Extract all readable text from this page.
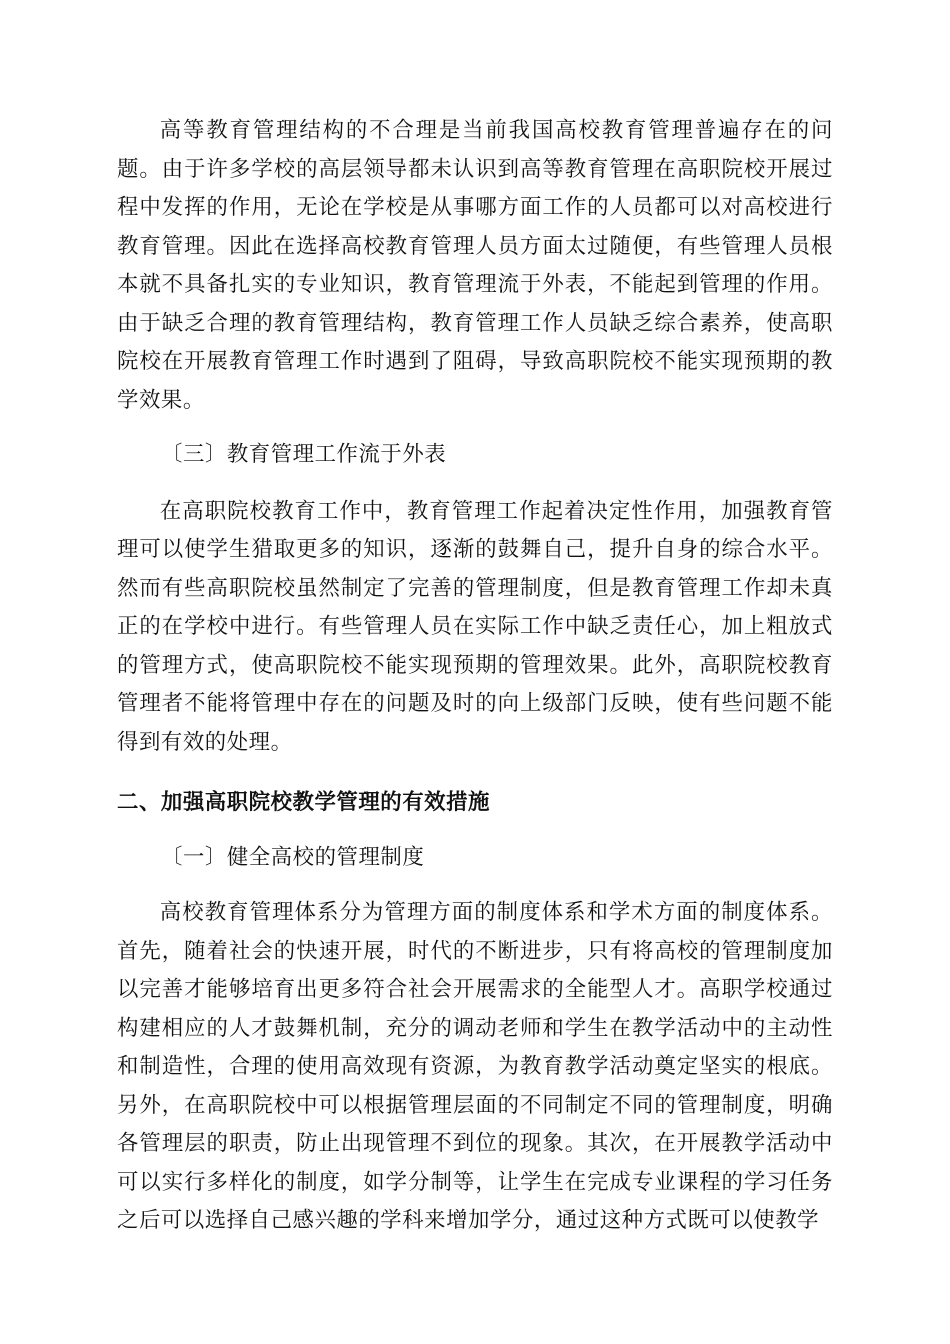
高等教育管理结构的不合理是当前我国高校教育管理普遍存在的问题。由于许多学校的高层领导都未认识到高等教育管理在高职院校开展过程中发挥的作用，无论在学校是从事哪方面工作的人员都可以对高校进行教育管理。因此在选择高校教育管理人员方面太过随便，有些管理人员根本就不具备扎实的专业知识，教育管理流于外表，不能起到管理的作用。由于缺乏合理的教育管理结构，教育管理工作人员缺乏综合素养，使高职院校在开展教育管理工作时遇到了阻碍，导致高职院校不能实现预期的教学效果。

〔三〕教育管理工作流于外表

在高职院校教育工作中，教育管理工作起着决定性作用，加强教育管理可以使学生猎取更多的知识，逐渐的鼓舞自己，提升自身的综合水平。然而有些高职院校虽然制定了完善的管理制度，但是教育管理工作却未真正的在学校中进行。有些管理人员在实际工作中缺乏责任心，加上粗放式的管理方式，使高职院校不能实现预期的管理效果。此外，高职院校教育管理者不能将管理中存在的问题及时的向上级部门反映，使有些问题不能得到有效的处理。

二、加强高职院校教学管理的有效措施

〔一〕健全高校的管理制度

高校教育管理体系分为管理方面的制度体系和学术方面的制度体系。首先，随着社会的快速开展，时代的不断进步，只有将高校的管理制度加以完善才能够培育出更多符合社会开展需求的全能型人才。高职学校通过构建相应的人才鼓舞机制，充分的调动老师和学生在教学活动中的主动性和制造性，合理的使用高效现有资源，为教育教学活动奠定坚实的根底。另外，在高职院校中可以根据管理层面的不同制定不同的管理制度，明确各管理层的职责，防止出现管理不到位的现象。其次，在开展教学活动中可以实行多样化的制度，如学分制等，让学生在完成专业课程的学习任务之后可以选择自己感兴趣的学科来增加学分，通过这种方式既可以使教学
